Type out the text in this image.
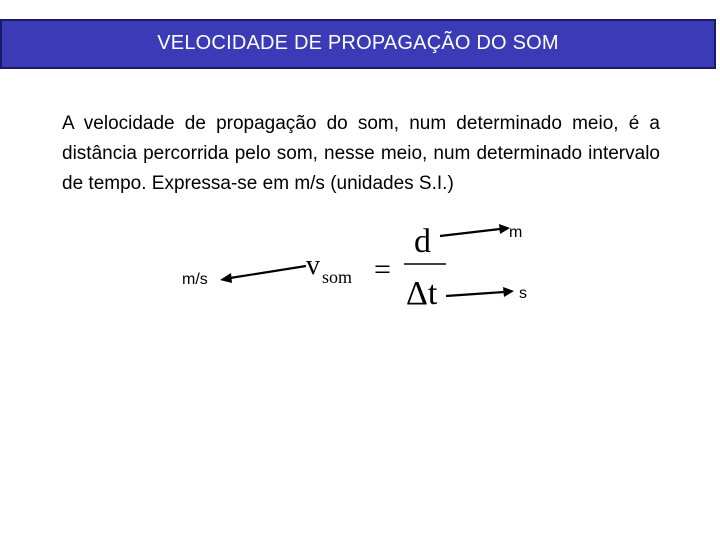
VELOCIDADE DE PROPAGAÇÃO DO SOM
A velocidade de propagação do som, num determinado meio, é a distância percorrida pelo som, nesse meio, num determinado intervalo de tempo. Expressa-se em m/s (unidades S.I.)
v som =
d
Δt
m/s
m
s
